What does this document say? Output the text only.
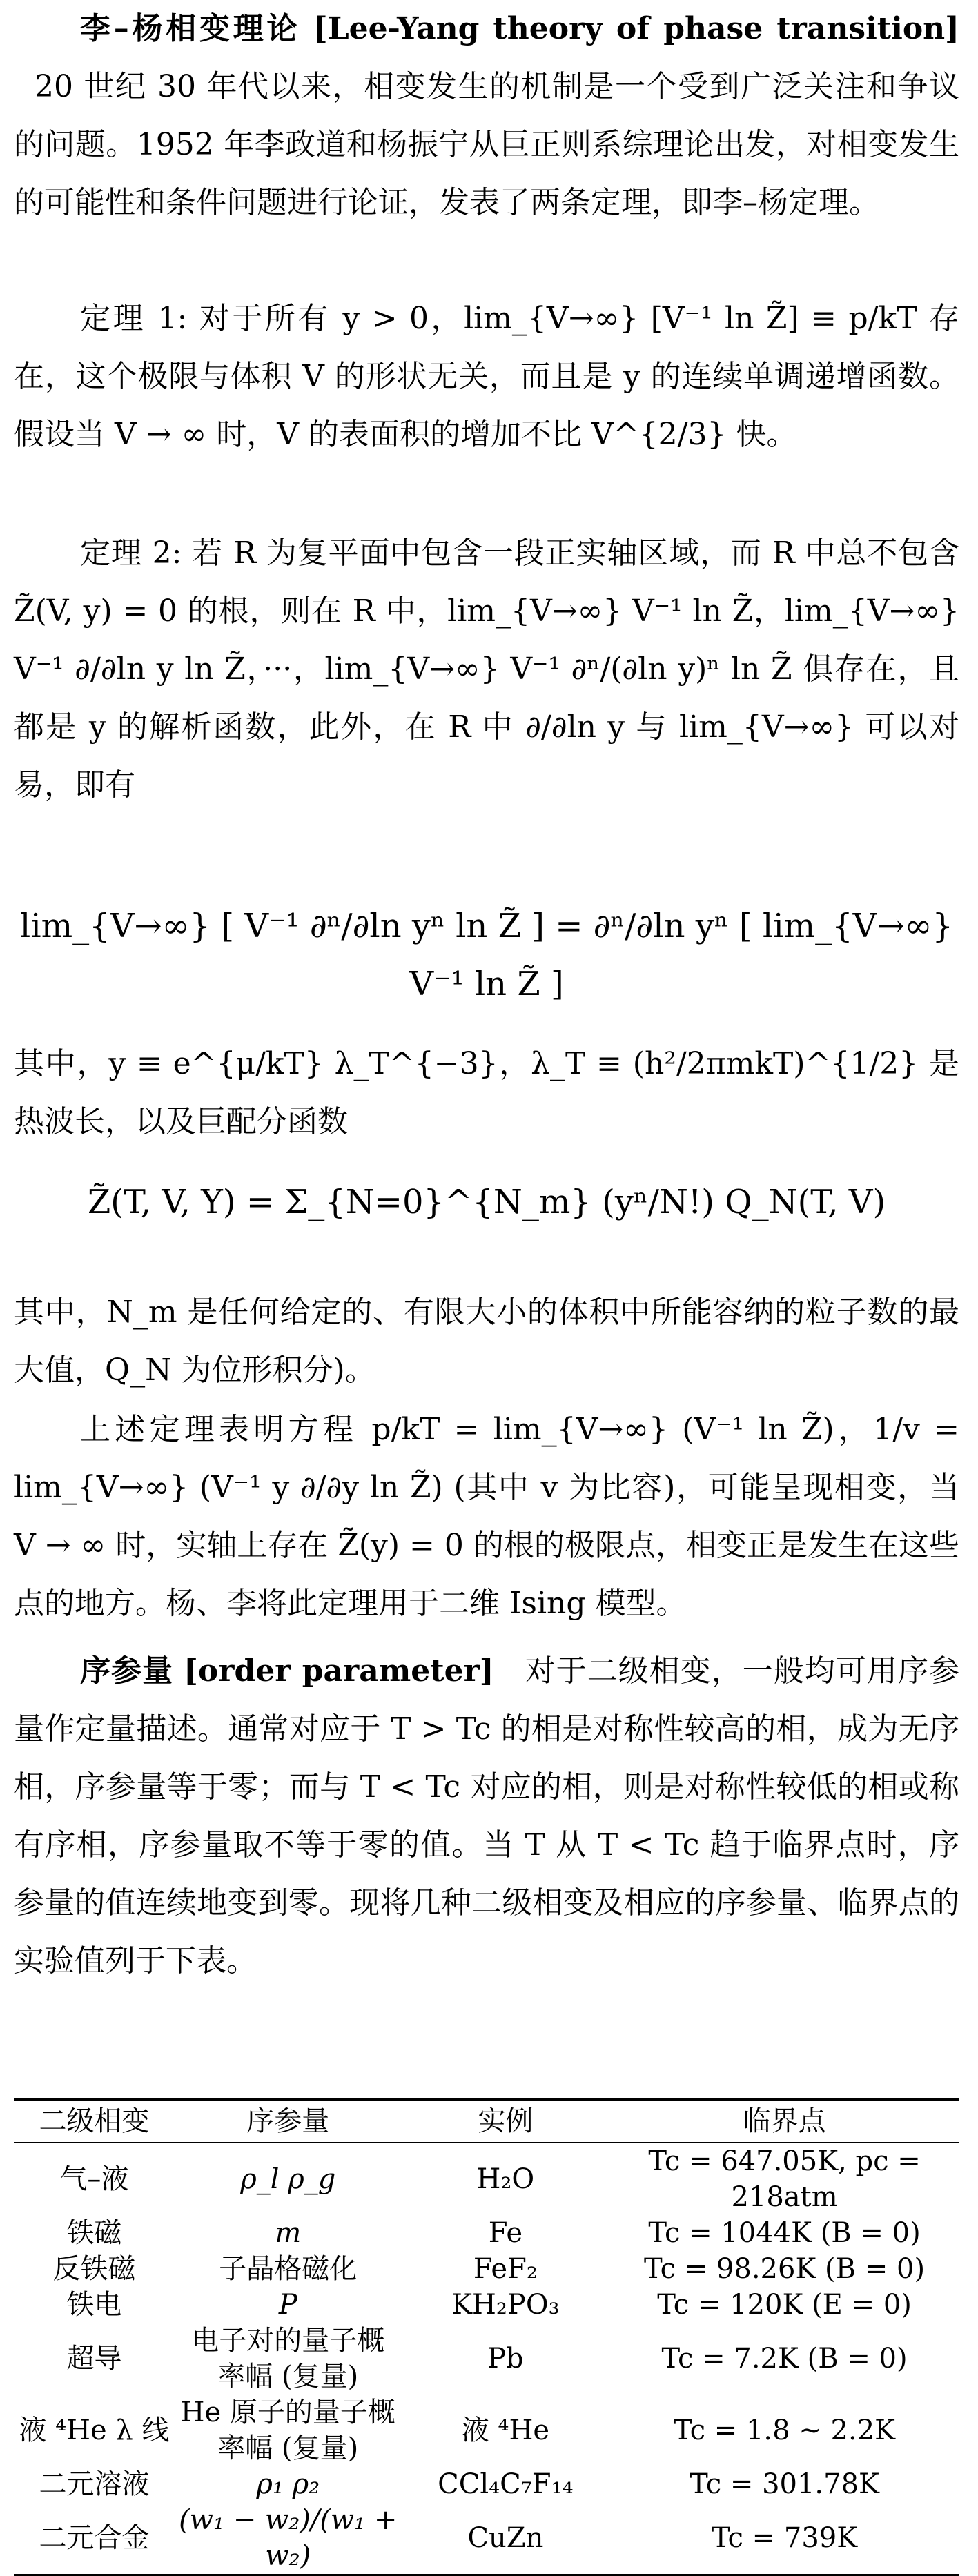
李–杨相变理论 [Lee-Yang theory of phase transition] 20 世纪 30 年代以来，相变发生的机制是一个受到广泛关注和争议的问题。1952 年李政道和杨振宁从巨正则系综理论出发，对相变发生的可能性和条件问题进行论证，发表了两条定理，即李–杨定理。
定理 1: 对于所有 y > 0，lim_{V→∞} [V⁻¹ ln Z̃] ≡ p/kT 存在，这个极限与体积 V 的形状无关，而且是 y 的连续单调递增函数。假设当 V → ∞ 时，V 的表面积的增加不比 V^{2/3} 快。
定理 2: 若 R 为复平面中包含一段正实轴区域，而 R 中总不包含 Z̃(V, y) = 0 的根，则在 R 中，lim_{V→∞} V⁻¹ ln Z̃，lim_{V→∞} V⁻¹ ∂/∂ln y ln Z̃，···，lim_{V→∞} V⁻¹ ∂ⁿ/(∂ln y)ⁿ ln Z̃ 俱存在，且都是 y 的解析函数，此外，在 R 中 ∂/∂ln y 与 lim_{V→∞} 可以对易，即有
lim_{V→∞} [ V⁻¹ ∂ⁿ/∂ln yⁿ ln Z̃ ] = ∂ⁿ/∂ln yⁿ [ lim_{V→∞} V⁻¹ ln Z̃ ]
其中，y ≡ e^{μ/kT} λ_T^{−3}，λ_T ≡ (h²/2πmkT)^{1/2} 是热波长，以及巨配分函数
Z̃(T, V, Y) = Σ_{N=0}^{N_m} (yⁿ/N!) Q_N(T, V)
其中，N_m 是任何给定的、有限大小的体积中所能容纳的粒子数的最大值，Q_N 为位形积分)。
上述定理表明方程 p/kT = lim_{V→∞} (V⁻¹ ln Z̃)，1/v = lim_{V→∞} (V⁻¹ y ∂/∂y ln Z̃) (其中 v 为比容)，可能呈现相变，当 V → ∞ 时，实轴上存在 Z̃(y) = 0 的根的极限点，相变正是发生在这些点的地方。杨、李将此定理用于二维 Ising 模型。
序参量 [order parameter] 对于二级相变，一般均可用序参量作定量描述。通常对应于 T > Tc 的相是对称性较高的相，成为无序相，序参量等于零；而与 T < Tc 对应的相，则是对称性较低的相或称有序相，序参量取不等于零的值。当 T 从 T < Tc 趋于临界点时，序参量的值连续地变到零。现将几种二级相变及相应的序参量、临界点的实验值列于下表。
二级相变	序参量	实例	临界点
气–液	ρ_l ρ_g	H₂O	Tc = 647.05K, pc = 218atm
铁磁	m	Fe	Tc = 1044K (B = 0)
反铁磁	子晶格磁化	FeF₂	Tc = 98.26K (B = 0)
铁电	P	KH₂PO₃	Tc = 120K (E = 0)
超导	电子对的量子概率幅 (复量)	Pb	Tc = 7.2K (B = 0)
液 ⁴He λ 线	He 原子的量子概率幅 (复量)	液 ⁴He	Tc = 1.8 ∼ 2.2K
二元溶液	ρ₁ ρ₂	CCl₄C₇F₁₄	Tc = 301.78K
二元合金	(w₁ − w₂)/(w₁ + w₂)	CuZn	Tc = 739K
